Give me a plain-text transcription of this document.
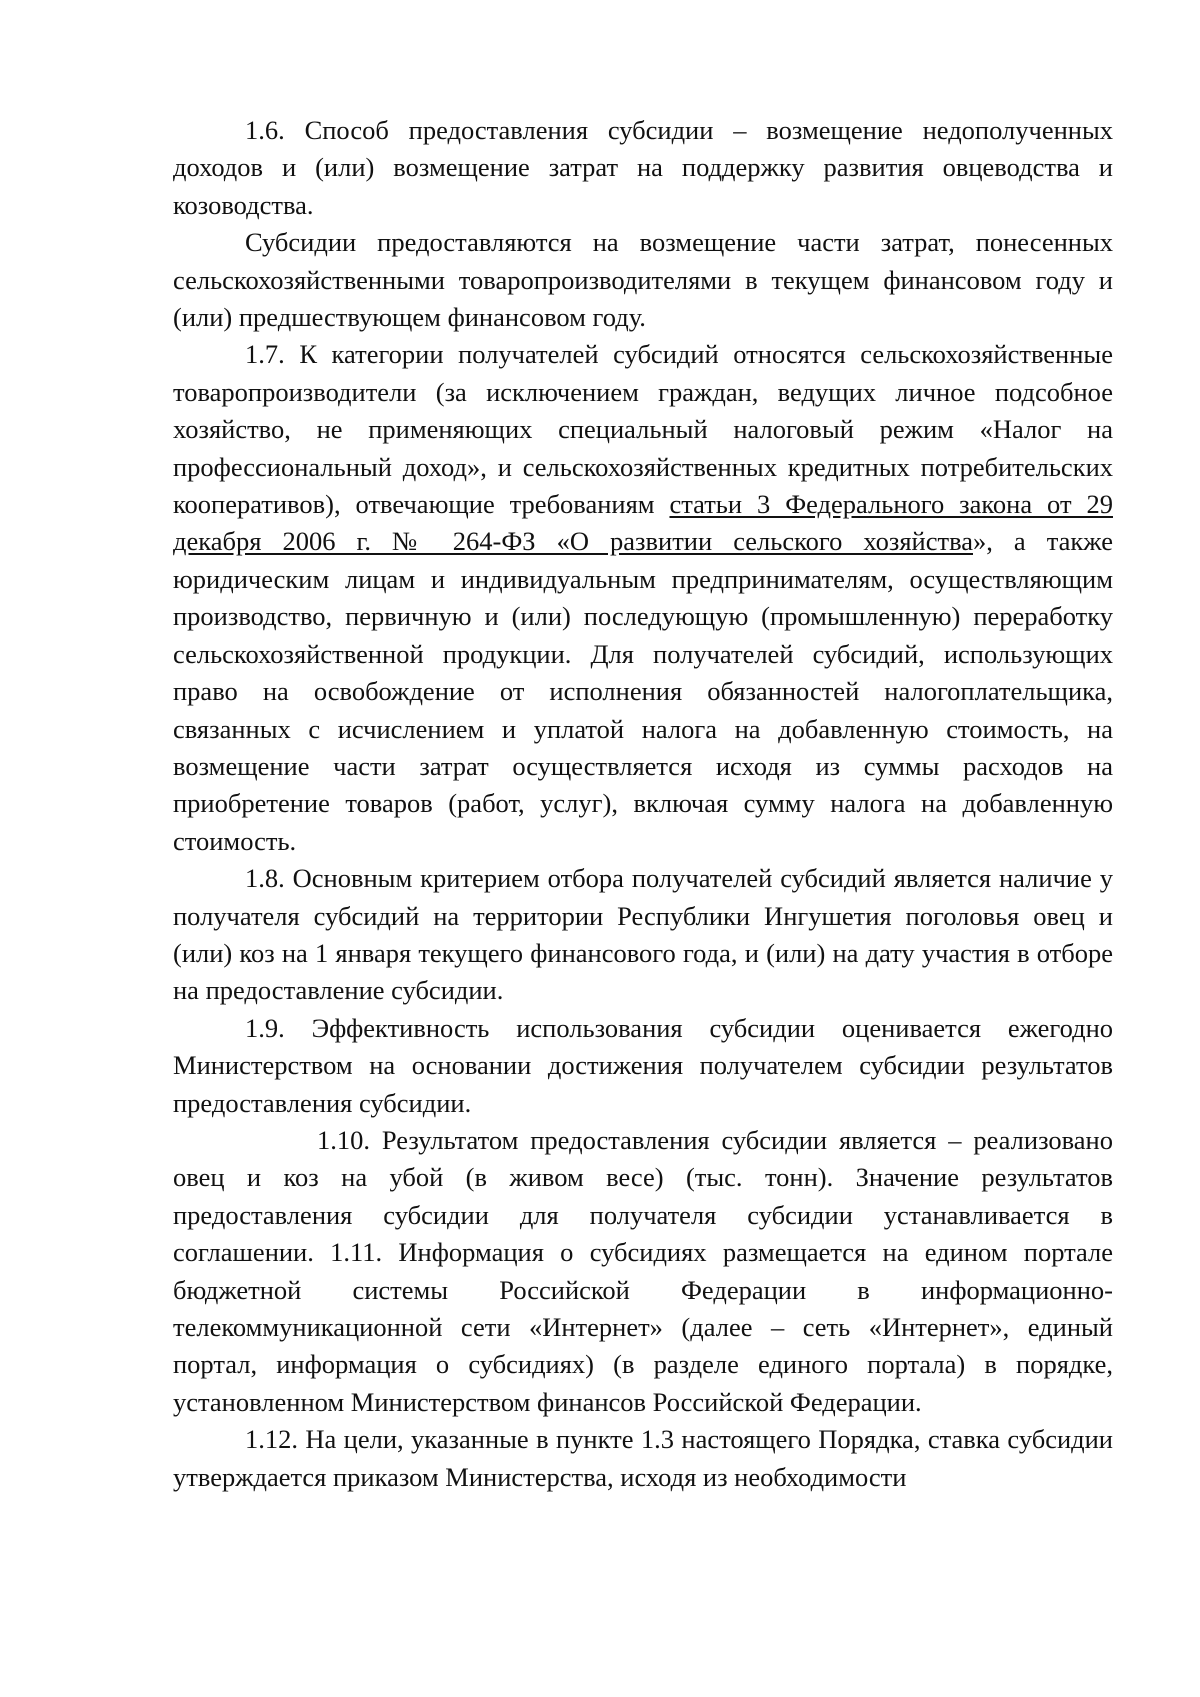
1.6. Способ предоставления субсидии – возмещение недополученных доходов и (или) возмещение затрат на поддержку развития овцеводства и козоводства.

Субсидии предоставляются на возмещение части затрат, понесенных сельскохозяйственными товаропроизводителями в текущем финансовом году и (или) предшествующем финансовом году.

1.7. К категории получателей субсидий относятся сельскохозяйственные товаропроизводители (за исключением граждан, ведущих личное подсобное хозяйство, не применяющих специальный налоговый режим «Налог на профессиональный доход», и сельскохозяйственных кредитных потребительских кооперативов), отвечающие требованиям статьи 3 Федерального закона от 29 декабря 2006 г. № 264-ФЗ «О развитии сельского хозяйства», а также юридическим лицам и индивидуальным предпринимателям, осуществляющим производство, первичную и (или) последующую (промышленную) переработку сельскохозяйственной продукции. Для получателей субсидий, использующих право на освобождение от исполнения обязанностей налогоплательщика, связанных с исчислением и уплатой налога на добавленную стоимость, на возмещение части затрат осуществляется исходя из суммы расходов на приобретение товаров (работ, услуг), включая сумму налога на добавленную стоимость.

1.8. Основным критерием отбора получателей субсидий является наличие у получателя субсидий на территории Республики Ингушетия поголовья овец и (или) коз на 1 января текущего финансового года, и (или) на дату участия в отборе на предоставление субсидии.

1.9. Эффективность использования субсидии оценивается ежегодно Министерством на основании достижения получателем субсидии результатов предоставления субсидии.

1.10. Результатом предоставления субсидии является – реализовано овец и коз на убой (в живом весе) (тыс. тонн). Значение результатов предоставления субсидии для получателя субсидии устанавливается в соглашении. 1.11. Информация о субсидиях размещается на едином портале бюджетной системы Российской Федерации в информационно-телекоммуникационной сети «Интернет» (далее – сеть «Интернет», единый портал, информация о субсидиях) (в разделе единого портала) в порядке, установленном Министерством финансов Российской Федерации.

1.12. На цели, указанные в пункте 1.3 настоящего Порядка, ставка субсидии утверждается приказом Министерства, исходя из необходимости
